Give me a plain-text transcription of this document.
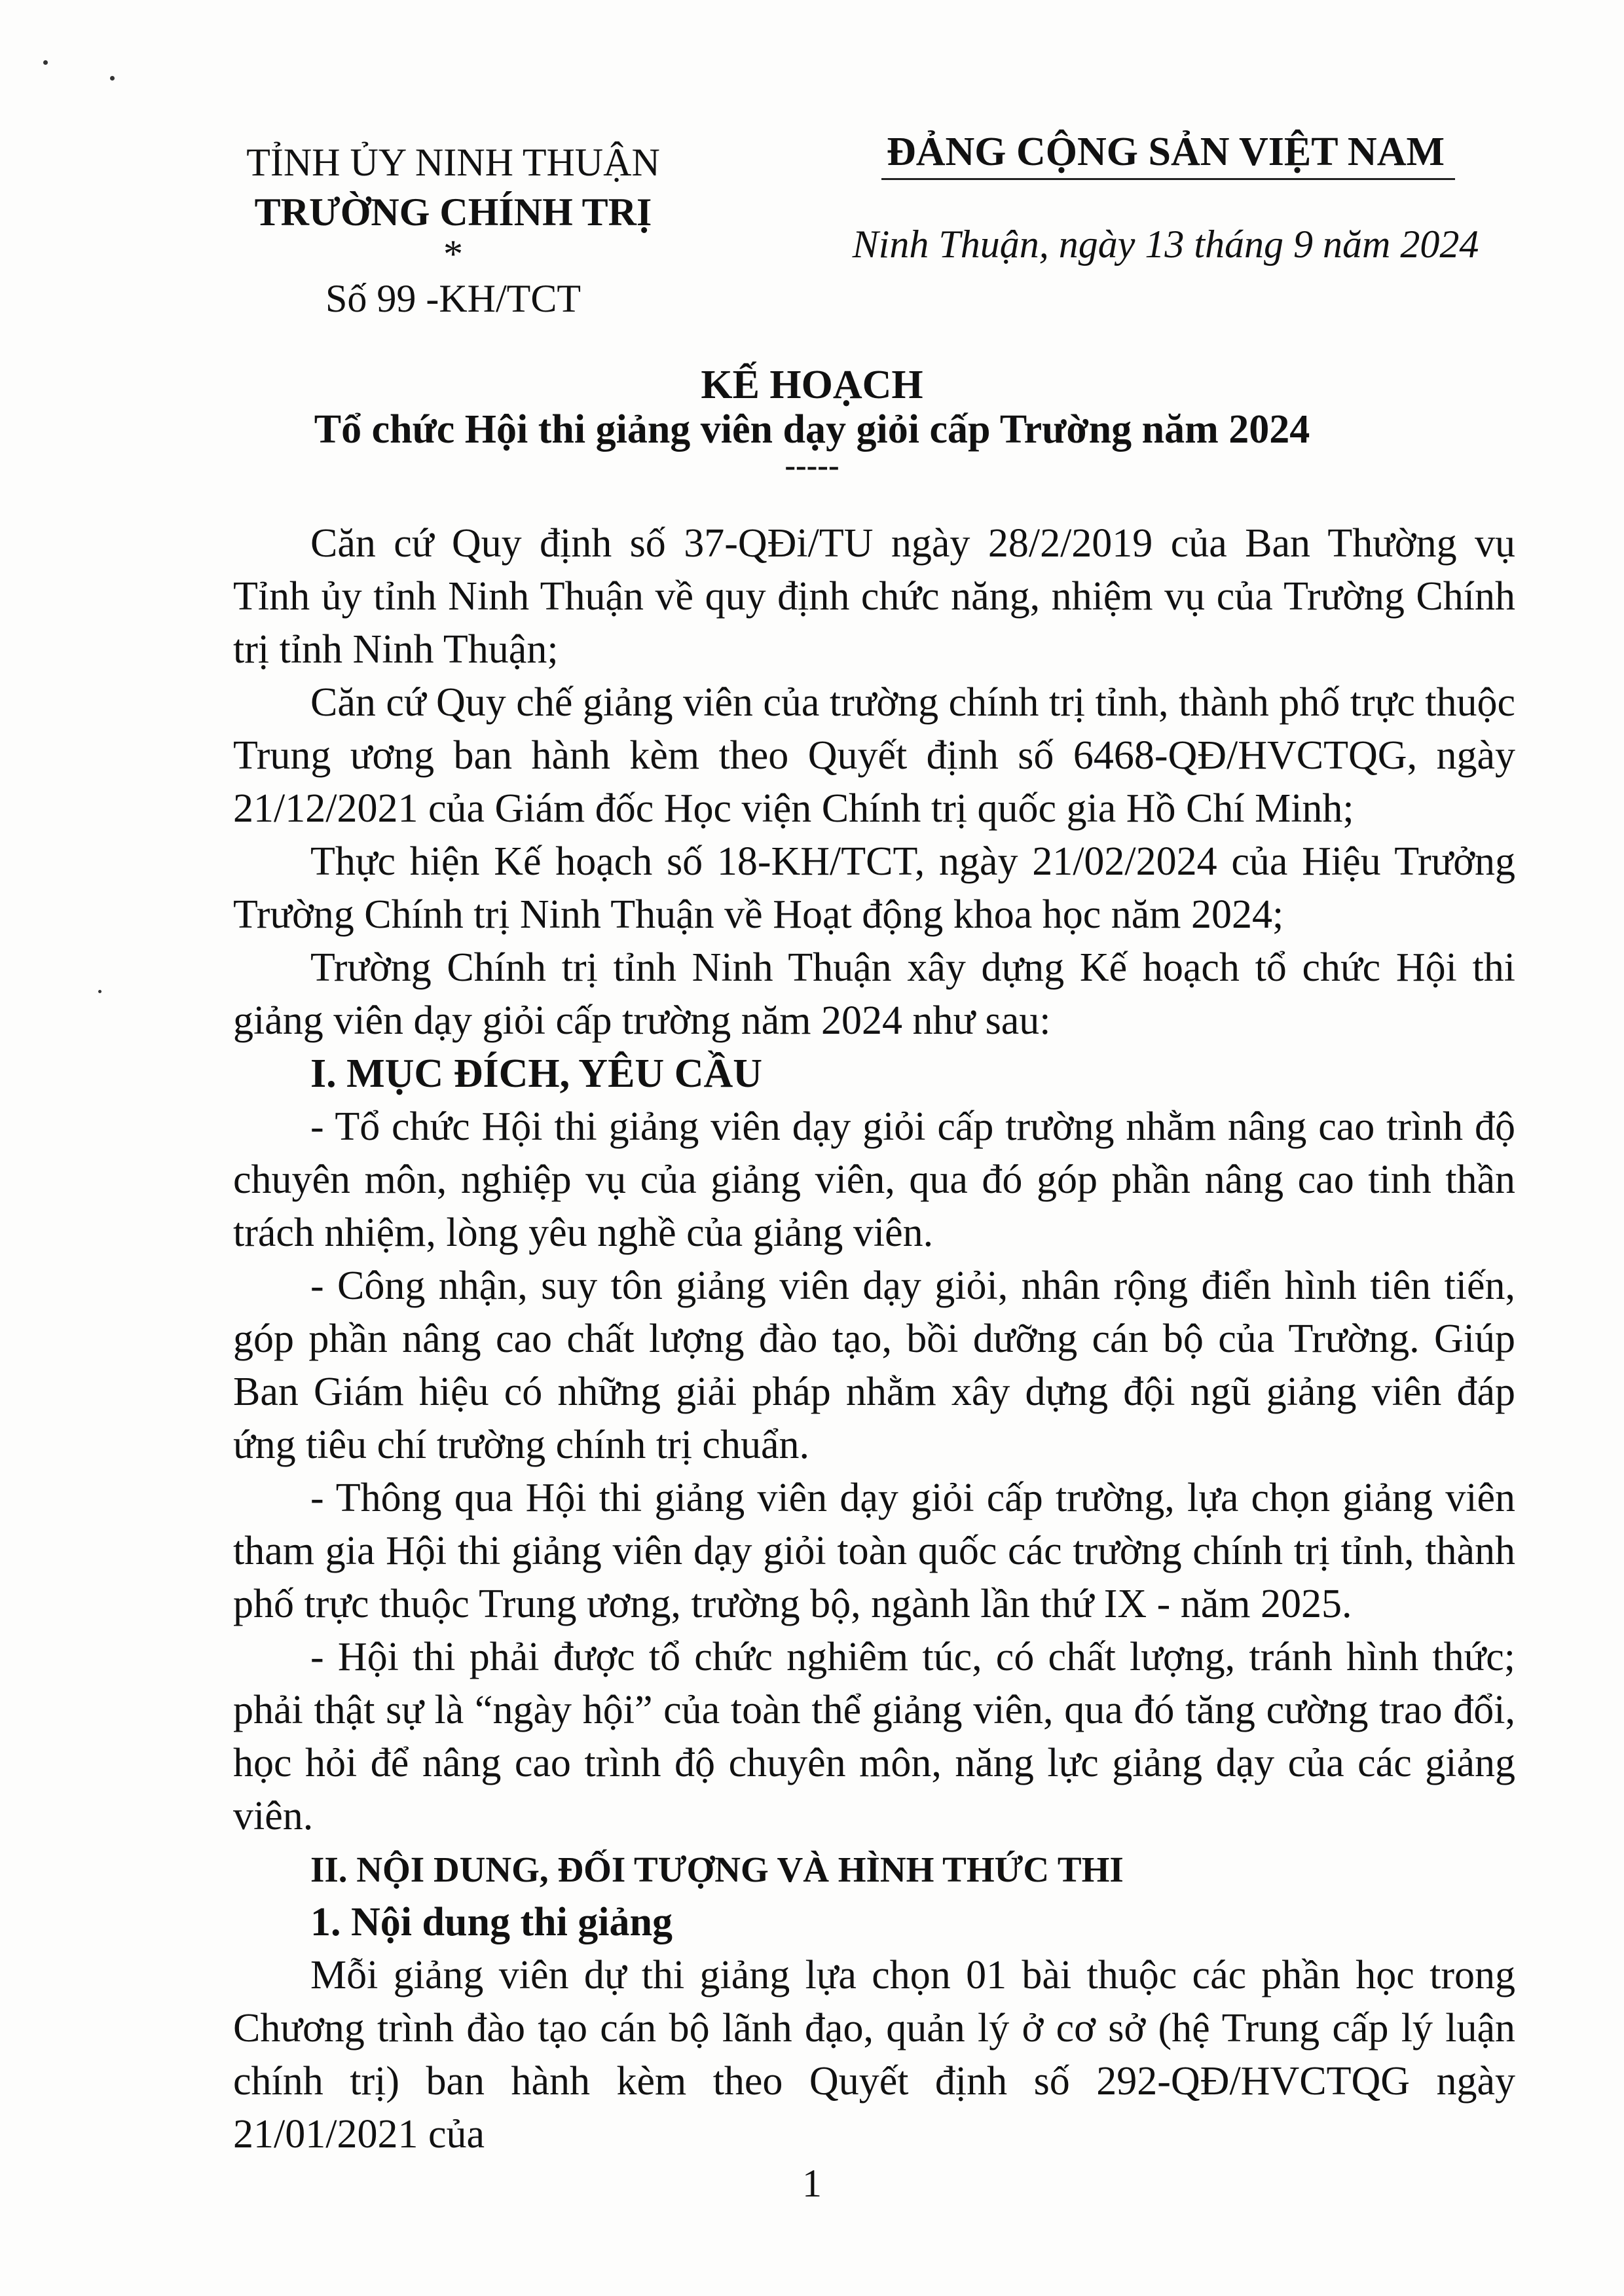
TỈNH ỦY NINH THUẬN
TRƯỜNG CHÍNH TRỊ
*
Số 99 -KH/TCT
ĐẢNG CỘNG SẢN VIỆT NAM
Ninh Thuận, ngày 13 tháng 9 năm 2024
KẾ HOẠCH
Tổ chức Hội thi giảng viên dạy giỏi cấp Trường năm 2024
-----

Căn cứ Quy định số 37-QĐi/TU ngày 28/2/2019 của Ban Thường vụ Tỉnh ủy tỉnh Ninh Thuận về quy định chức năng, nhiệm vụ của Trường Chính trị tỉnh Ninh Thuận;

Căn cứ Quy chế giảng viên của trường chính trị tỉnh, thành phố trực thuộc Trung ương ban hành kèm theo Quyết định số 6468-QĐ/HVCTQG, ngày 21/12/2021 của Giám đốc Học viện Chính trị quốc gia Hồ Chí Minh;

Thực hiện Kế hoạch số 18-KH/TCT, ngày 21/02/2024 của Hiệu Trưởng Trường Chính trị Ninh Thuận về Hoạt động khoa học năm 2024;

Trường Chính trị tỉnh Ninh Thuận xây dựng Kế hoạch tổ chức Hội thi giảng viên dạy giỏi cấp trường năm 2024 như sau:

I. MỤC ĐÍCH, YÊU CẦU

- Tổ chức Hội thi giảng viên dạy giỏi cấp trường nhằm nâng cao trình độ chuyên môn, nghiệp vụ của giảng viên, qua đó góp phần nâng cao tinh thần trách nhiệm, lòng yêu nghề của giảng viên.

- Công nhận, suy tôn giảng viên dạy giỏi, nhân rộng điển hình tiên tiến, góp phần nâng cao chất lượng đào tạo, bồi dưỡng cán bộ của Trường. Giúp Ban Giám hiệu có những giải pháp nhằm xây dựng đội ngũ giảng viên đáp ứng tiêu chí trường chính trị chuẩn.

- Thông qua Hội thi giảng viên dạy giỏi cấp trường, lựa chọn giảng viên tham gia Hội thi giảng viên dạy giỏi toàn quốc các trường chính trị tỉnh, thành phố trực thuộc Trung ương, trường bộ, ngành lần thứ IX - năm 2025.

- Hội thi phải được tổ chức nghiêm túc, có chất lượng, tránh hình thức; phải thật sự là “ngày hội” của toàn thể giảng viên, qua đó tăng cường trao đổi, học hỏi để nâng cao trình độ chuyên môn, năng lực giảng dạy của các giảng viên.

II. NỘI DUNG, ĐỐI TƯỢNG VÀ HÌNH THỨC THI

1. Nội dung thi giảng

Mỗi giảng viên dự thi giảng lựa chọn 01 bài thuộc các phần học trong Chương trình đào tạo cán bộ lãnh đạo, quản lý ở cơ sở (hệ Trung cấp lý luận chính trị) ban hành kèm theo Quyết định số 292-QĐ/HVCTQG ngày 21/01/2021 của

1
